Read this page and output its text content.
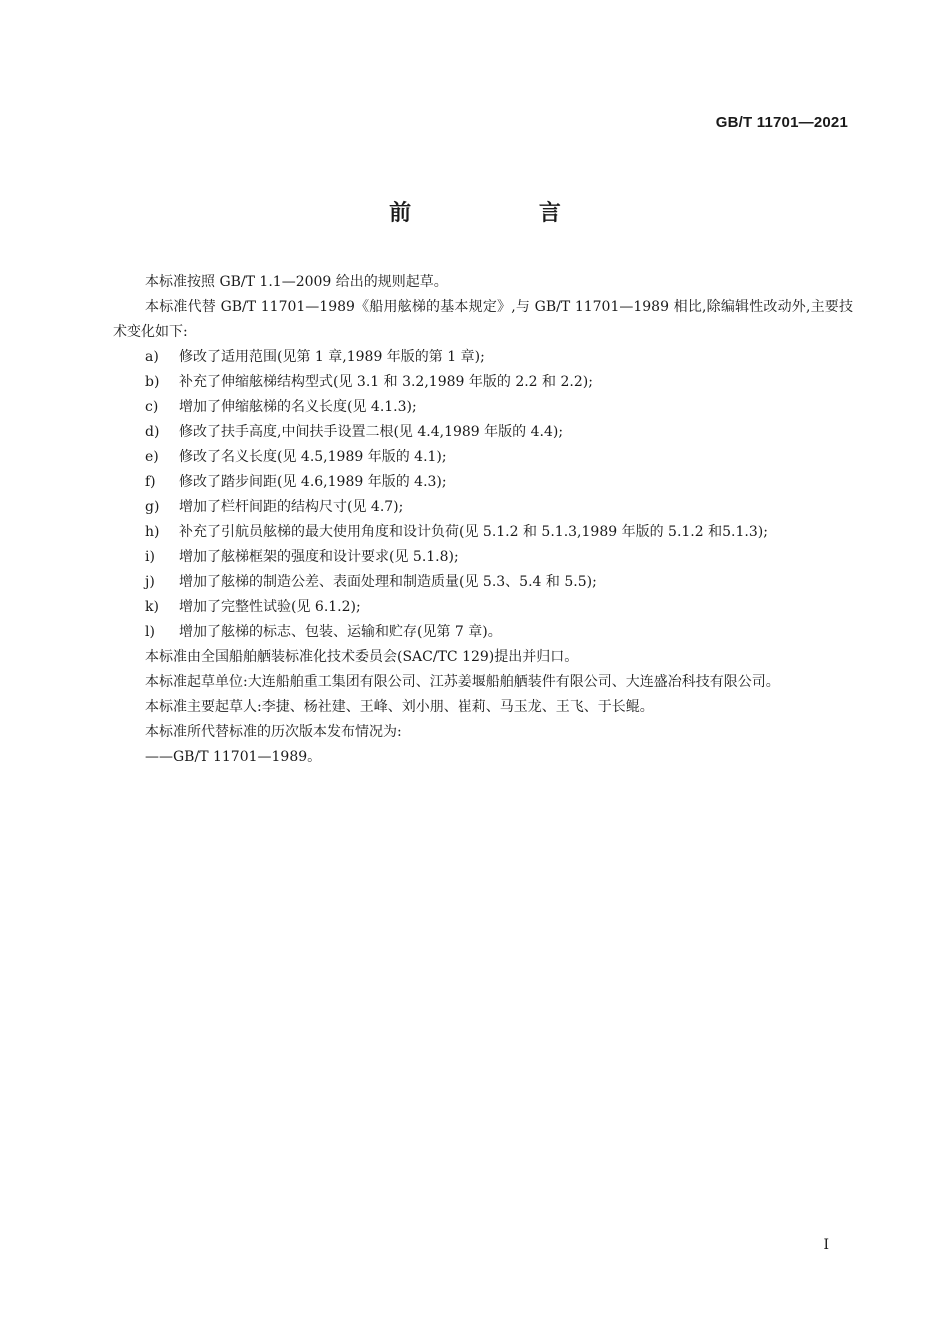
GB/T 11701—2021
前 言

本标准按照 GB/T 1.1—2009 给出的规则起草。

本标准代替 GB/T 11701—1989《船用舷梯的基本规定》,与 GB/T 11701—1989 相比,除编辑性改动外,主要技术变化如下:

a)	修改了适用范围(见第 1 章,1989 年版的第 1 章);
b)	补充了伸缩舷梯结构型式(见 3.1 和 3.2,1989 年版的 2.2 和 2.2);
c)	增加了伸缩舷梯的名义长度(见 4.1.3);
d)	修改了扶手高度,中间扶手设置二根(见 4.4,1989 年版的 4.4);
e)	修改了名义长度(见 4.5,1989 年版的 4.1);
f)	修改了踏步间距(见 4.6,1989 年版的 4.3);
g)	增加了栏杆间距的结构尺寸(见 4.7);
h)	补充了引航员舷梯的最大使用角度和设计负荷(见 5.1.2 和 5.1.3,1989 年版的 5.1.2 和5.1.3);
i)	增加了舷梯框架的强度和设计要求(见 5.1.8);
j)	增加了舷梯的制造公差、表面处理和制造质量(见 5.3、5.4 和 5.5);
k)	增加了完整性试验(见 6.1.2);
l)	增加了舷梯的标志、包装、运输和贮存(见第 7 章)。

本标准由全国船舶舾装标准化技术委员会(SAC/TC 129)提出并归口。

本标准起草单位:大连船舶重工集团有限公司、江苏姜堰船舶舾装件有限公司、大连盛冶科技有限公司。

本标准主要起草人:李捷、杨社建、王峰、刘小朋、崔莉、马玉龙、王飞、于长鲲。

本标准所代替标准的历次版本发布情况为:

——GB/T 11701—1989。

I
